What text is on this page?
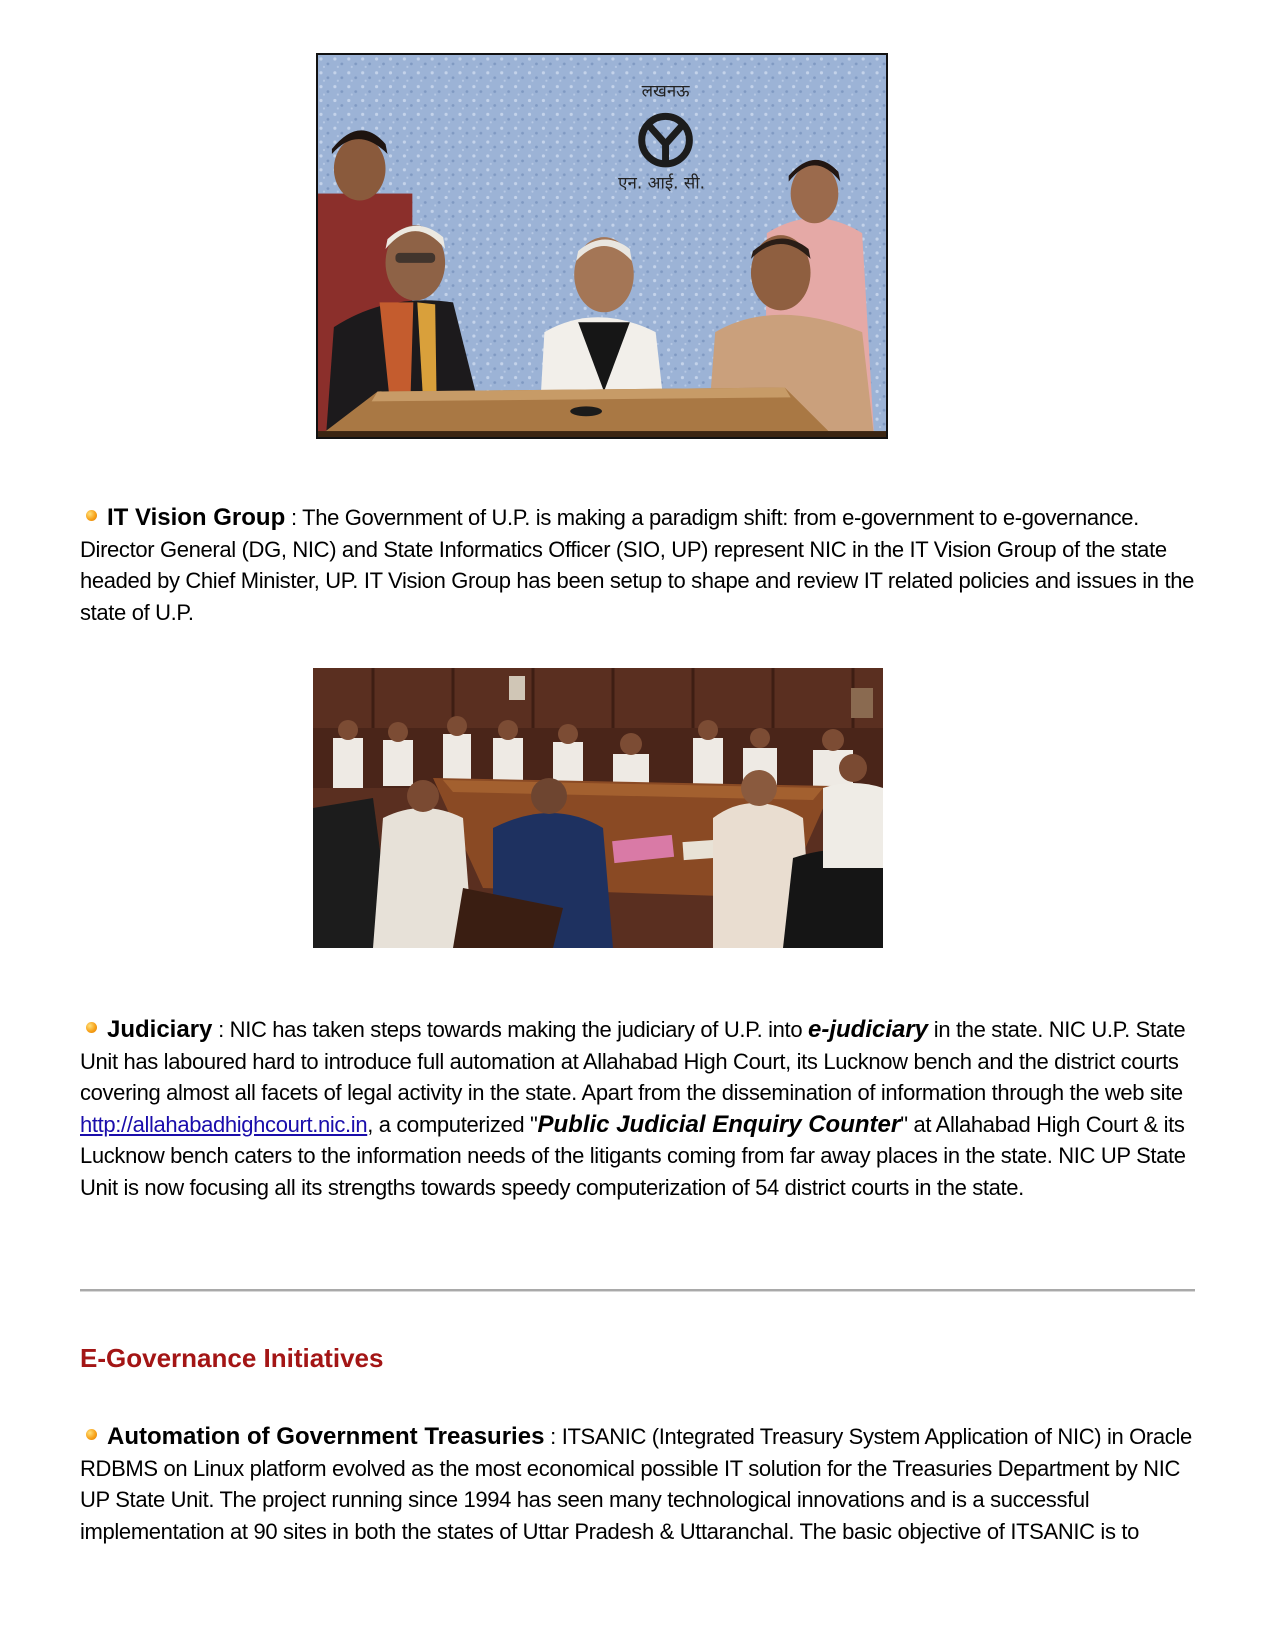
लखनऊ
एन. आई. सी.
IT Vision Group : The Government of U.P. is making a paradigm shift: from e-government to e-governance. Director General (DG, NIC) and State Informatics Officer (SIO, UP) represent NIC in the IT Vision Group of the state headed by Chief Minister, UP. IT Vision Group has been setup to shape and review IT related policies and issues in the state of U.P.
Judiciary : NIC has taken steps towards making the judiciary of U.P. into e-judiciary in the state. NIC U.P. State Unit has laboured hard to introduce full automation at Allahabad High Court, its Lucknow bench and the district courts covering almost all facets of legal activity in the state. Apart from the dissemination of information through the web site http://allahabadhighcourt.nic.in, a computerized "Public Judicial Enquiry Counter" at Allahabad High Court & its Lucknow bench caters to the information needs of the litigants coming from far away places in the state. NIC UP State Unit is now focusing all its strengths towards speedy computerization of 54 district courts in the state.
E-Governance Initiatives
Automation of Government Treasuries : ITSANIC (Integrated Treasury System Application of NIC) in Oracle RDBMS on Linux platform evolved as the most economical possible IT solution for the Treasuries Department by NIC UP State Unit. The project running since 1994 has seen many technological innovations and is a successful implementation at 90 sites in both the states of Uttar Pradesh & Uttaranchal. The basic objective of ITSANIC is to
